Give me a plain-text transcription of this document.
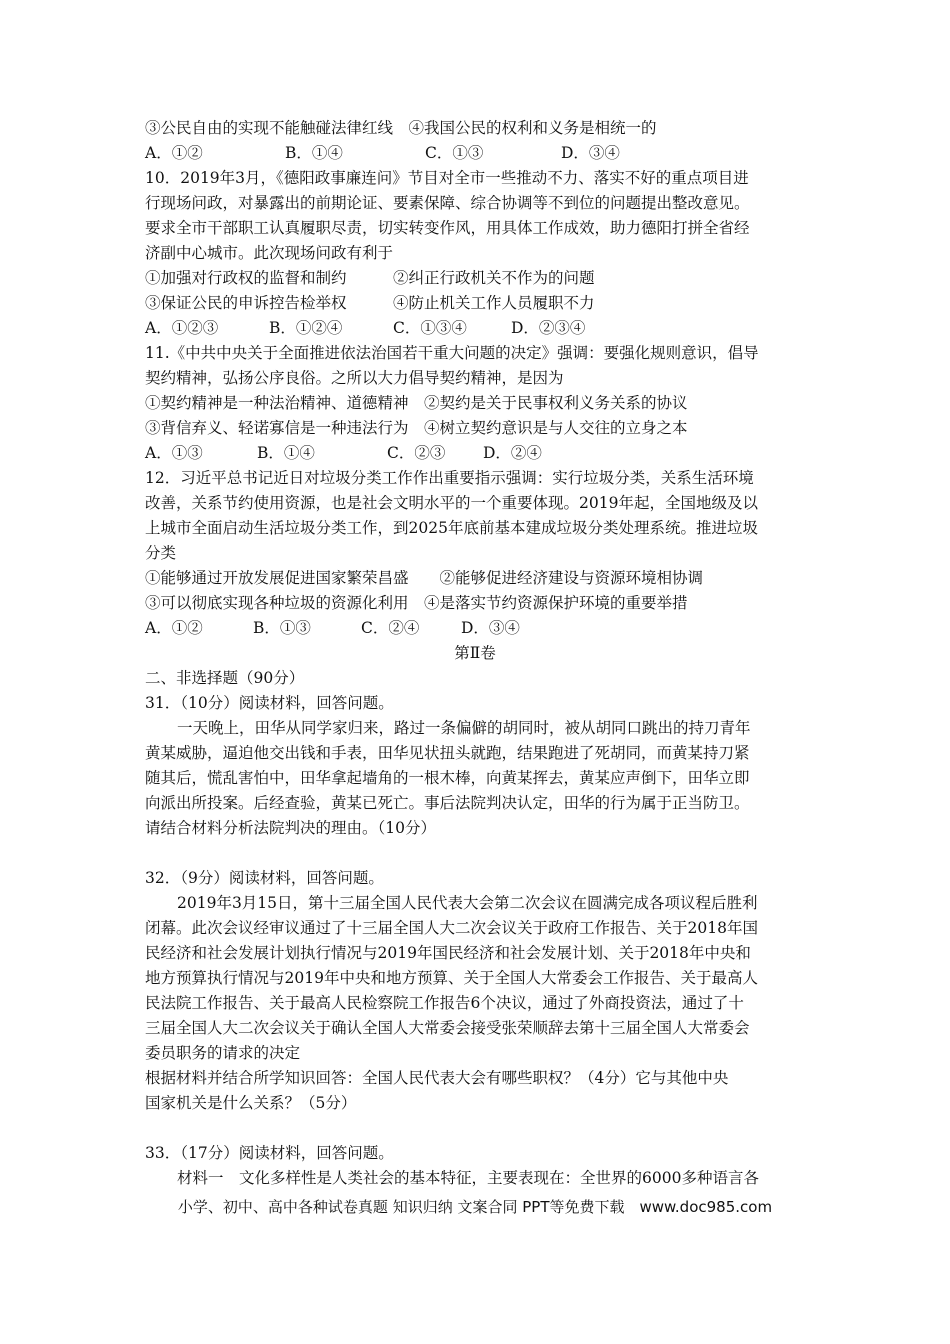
③公民自由的实现不能触碰法律红线　④我国公民的权利和义务是相统一的
A．①②	B．①④	C．①③	D．③④
10．2019年3月，《德阳政事廉连问》节目对全市一些推动不力、落实不好的重点项目进
行现场问政，对暴露出的前期论证、要素保障、综合协调等不到位的问题提出整改意见。
要求全市干部职工认真履职尽责，切实转变作风，用具体工作成效，助力德阳打拼全省经
济副中心城市。此次现场问政有利于
①加强对行政权的监督和制约　　　②纠正行政机关不作为的问题
③保证公民的申诉控告检举权　　　④防止机关工作人员履职不力
A．①②③	B．①②④	C．①③④	D．②③④
11.《中共中央关于全面推进依法治国若干重大问题的决定》强调：要强化规则意识，倡导
契约精神，弘扬公序良俗。之所以大力倡导契约精神，是因为
①契约精神是一种法治精神、道德精神　②契约是关于民事权利义务关系的协议
③背信弃义、轻诺寡信是一种违法行为　④树立契约意识是与人交往的立身之本
A．①③	B．①④	C．②③ D．②④
12．习近平总书记近日对垃圾分类工作作出重要指示强调：实行垃圾分类，关系生活环境
改善，关系节约使用资源，也是社会文明水平的一个重要体现。2019年起，全国地级及以
上城市全面启动生活垃圾分类工作，到2025年底前基本建成垃圾分类处理系统。推进垃圾
分类
①能够通过开放发展促进国家繁荣昌盛　　②能够促进经济建设与资源环境相协调
③可以彻底实现各种垃圾的资源化利用　④是落实节约资源保护环境的重要举措
A．①②	B．①③	C．②④	D．③④
第Ⅱ卷
二、非选择题（90分）
31．（10分）阅读材料，回答问题。
一天晚上，田华从同学家归来，路过一条偏僻的胡同时，被从胡同口跳出的持刀青年
黄某威胁，逼迫他交出钱和手表，田华见状扭头就跑，结果跑进了死胡同，而黄某持刀紧
随其后，慌乱害怕中，田华拿起墙角的一根木棒，向黄某挥去，黄某应声倒下，田华立即
向派出所投案。后经查验，黄某已死亡。事后法院判决认定，田华的行为属于正当防卫。
请结合材料分析法院判决的理由。（10分）
32．（9分）阅读材料，回答问题。
2019年3月15日，第十三届全国人民代表大会第二次会议在圆满完成各项议程后胜利
闭幕。此次会议经审议通过了十三届全国人大二次会议关于政府工作报告、关于2018年国
民经济和社会发展计划执行情况与2019年国民经济和社会发展计划、关于2018年中央和
地方预算执行情况与2019年中央和地方预算、关于全国人大常委会工作报告、关于最高人
民法院工作报告、关于最高人民检察院工作报告6个决议，通过了外商投资法，通过了十
三届全国人大二次会议关于确认全国人大常委会接受张荣顺辞去第十三届全国人大常委会
委员职务的请求的决定
根据材料并结合所学知识回答：全国人民代表大会有哪些职权？（4分）它与其他中央
国家机关是什么关系？（5分）
33．（17分）阅读材料，回答问题。
材料一　文化多样性是人类社会的基本特征，主要表现在：全世界的6000多种语言各
小学、初中、高中各种试卷真题 知识归纳 文案合同 PPT等免费下载　www.doc985.com
